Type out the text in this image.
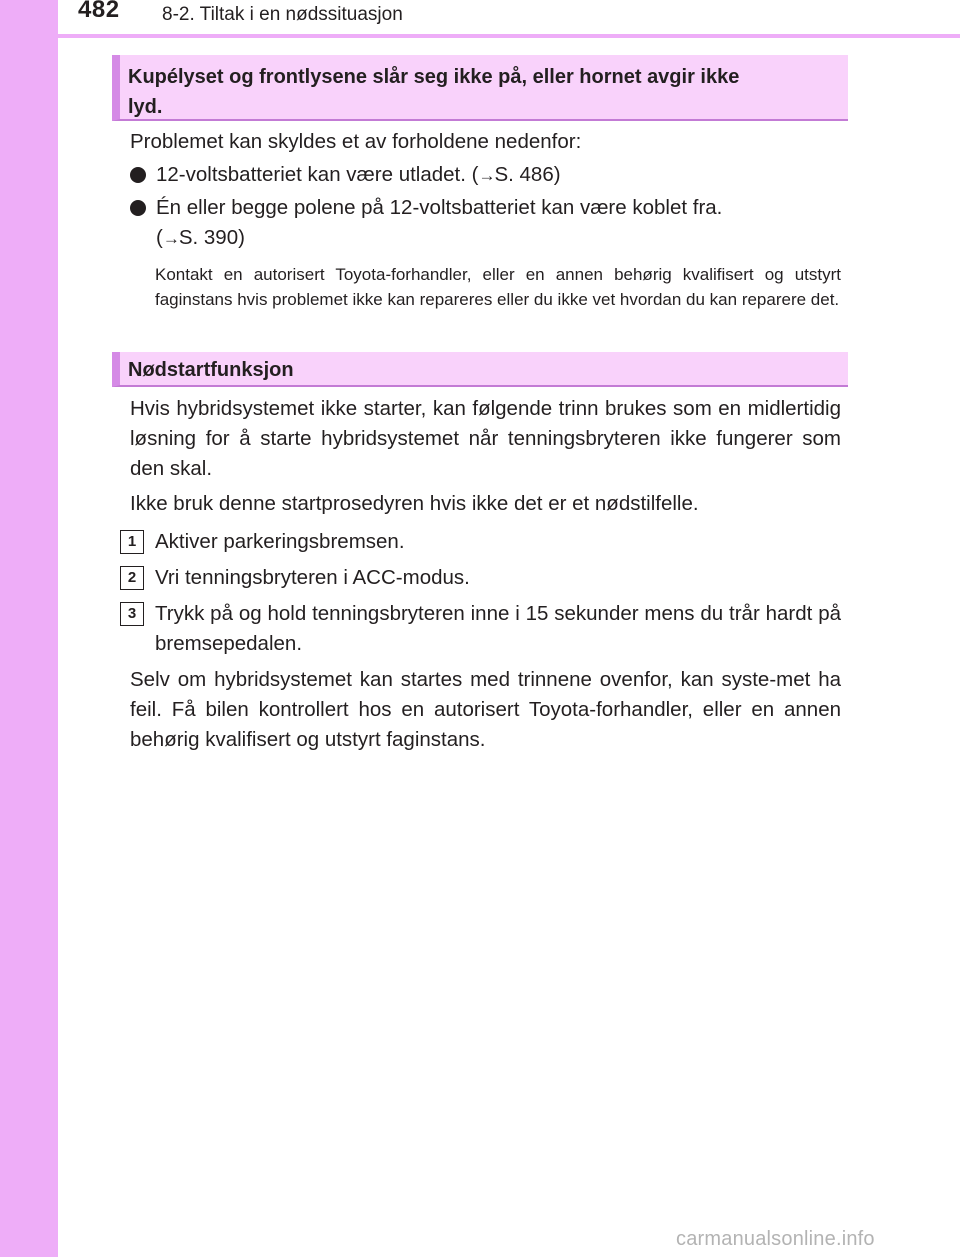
482 8-2. Tiltak i en nødssituasjon
Kupélyset og frontlysene slår seg ikke på, eller hornet avgir ikke
lyd.
Problemet kan skyldes et av forholdene nedenfor:
12-voltsbatteriet kan være utladet. (→S. 486)
Én eller begge polene på 12-voltsbatteriet kan være koblet fra.
(→S. 390)
Kontakt en autorisert Toyota-forhandler, eller en annen behørig kvalifisert og utstyrt faginstans hvis problemet ikke kan repareres eller du ikke vet hvordan du kan reparere det.
Nødstartfunksjon
Hvis hybridsystemet ikke starter, kan følgende trinn brukes som en midlertidig løsning for å starte hybridsystemet når tenningsbryteren ikke fungerer som den skal.
Ikke bruk denne startprosedyren hvis ikke det er et nødstilfelle.
1 Aktiver parkeringsbremsen.
2 Vri tenningsbryteren i ACC-modus.
3 Trykk på og hold tenningsbryteren inne i 15 sekunder mens du trår hardt på bremsepedalen.
Selv om hybridsystemet kan startes med trinnene ovenfor, kan syste-met ha feil. Få bilen kontrollert hos en autorisert Toyota-forhandler, eller en annen behørig kvalifisert og utstyrt faginstans.
carmanualsonline.info
